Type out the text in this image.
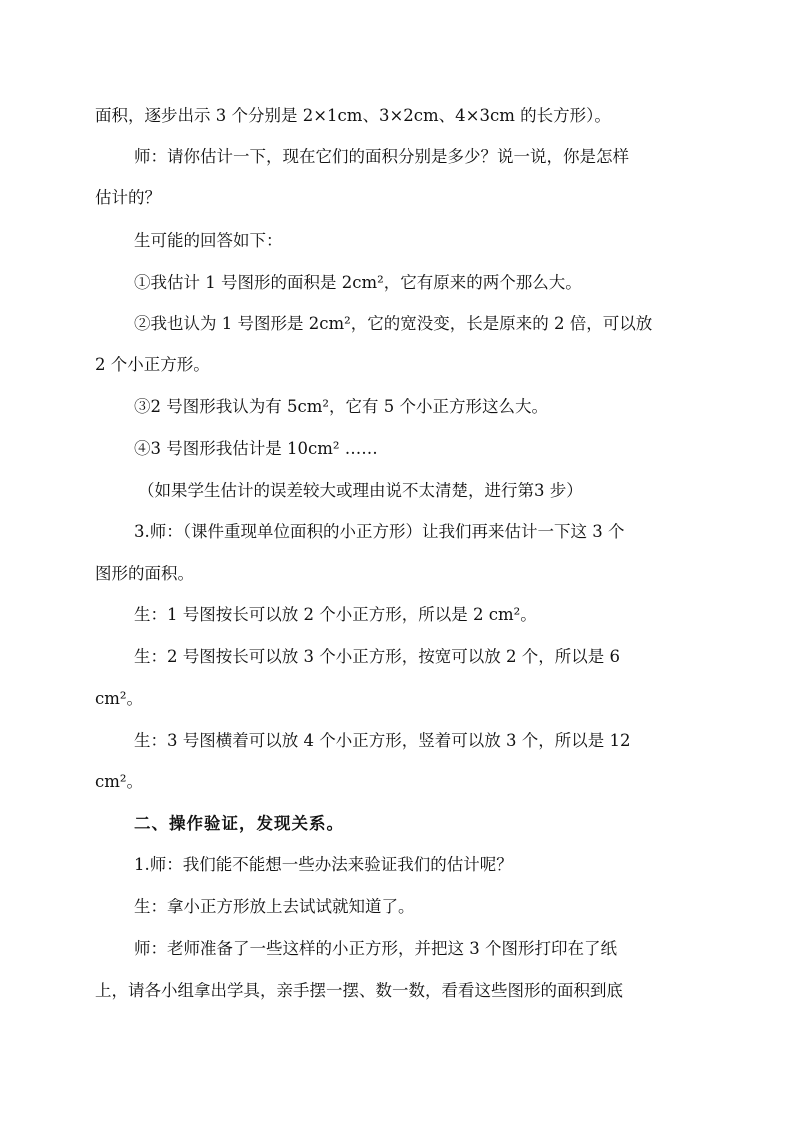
面积，逐步出示 3 个分别是 2×1cm、3×2cm、4×3cm 的长方形）。
师：请你估计一下，现在它们的面积分别是多少？说一说，你是怎样
估计的？
生可能的回答如下：
①我估计 1 号图形的面积是 2cm²，它有原来的两个那么大。
②我也认为 1 号图形是 2cm²，它的宽没变，长是原来的 2 倍，可以放
2 个小正方形。
③2 号图形我认为有 5cm²，它有 5 个小正方形这么大。
④3 号图形我估计是 10cm² ……
（如果学生估计的误差较大或理由说不太清楚，进行第3 步）
3.师：（课件重现单位面积的小正方形）让我们再来估计一下这 3 个
图形的面积。
生：1 号图按长可以放 2 个小正方形，所以是 2 cm²。
生：2 号图按长可以放 3 个小正方形，按宽可以放 2 个，所以是 6
cm²。
生：3 号图横着可以放 4 个小正方形，竖着可以放 3 个，所以是 12
cm²。
二、操作验证，发现关系。
1.师：我们能不能想一些办法来验证我们的估计呢？
生：拿小正方形放上去试试就知道了。
师：老师准备了一些这样的小正方形，并把这 3 个图形打印在了纸
上，请各小组拿出学具，亲手摆一摆、数一数，看看这些图形的面积到底
